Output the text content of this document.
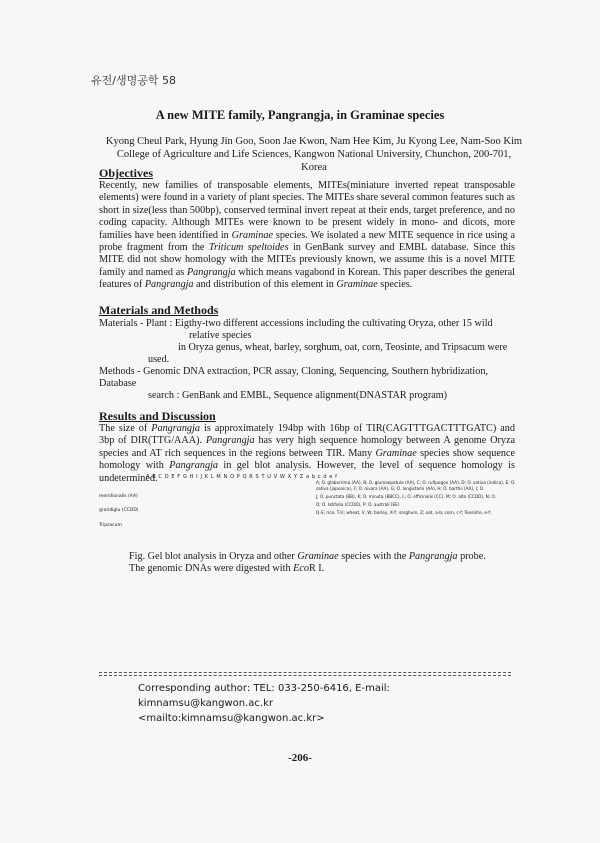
유전/생명공학 58
A new MITE family, Pangrangja, in Graminae species
Kyong Cheul Park, Hyung Jin Goo, Soon Jae Kwon, Nam Hee Kim, Ju Kyong Lee, Nam-Soo Kim
College of Agriculture and Life Sciences, Kangwon National University, Chunchon, 200-701, Korea
Objectives
Recently, new families of transposable elements, MITEs(miniature inverted repeat transposable elements) were found in a variety of plant species. The MITEs share several common features such as short in size(less than 500bp), conserved terminal invert repeat at their ends, target preference, and no coding capacity. Although MITEs were known to be present widely in mono- and dicots, more families have been identified in Graminae species. We isolated a new MITE sequence in rice using a probe fragment from the Triticum speltoides in GenBank survey and EMBL database. Since this MITE did not show homology with the MITEs previously known, we assume this is a novel MITE family and named as Pangrangja which means vagabond in Korean. This paper describes the general features of Pangrangja and distribution of this element in Graminae species.
Materials and Methods
Materials - Plant : Eigthy-two different accessions including the cultivating Oryza, other 15 wild
relative species
in Oryza genus, wheat, barley, sorghum, oat, corn, Teosinte, and Tripsacum were
used.
Methods - Genomic DNA extraction, PCR assay, Cloning, Sequencing, Southern hybridization,
Database
search : GenBank and EMBL, Sequence alignment(DNASTAR program)
Results and Discussion
The size of Pangrangja is approximately 194bp with 16bp of TIR(CAGTTTGACTTTGATC) and 3bp of DIR(TTG/AAA). Pangrangja has very high sequence homology between A genome Oryza species and AT rich sequences in the regions between TIR. Many Graminae species show sequence homology with Pangrangja in gel blot analysis. However, the level of sequence homology is undetermined.
A B C D E F G H I J K L M N O P Q R S T U V W X Y Z a b c d e f
meridionalis (AA)
grandiglu (CCDD)
Tripsacum
A; O. glaberrima (AA), B; O. glumaepatula (AA), C; O. rufipogon (AA), D; O. sativa (indica), E; O. sativa (japonica), F; O. nivara (AA), G; O. longistami (AA), H; O. barthii (AA), I; O.
J; O. punctata (BB), K; O. minuta (BBCC), L; O. officinalis (CC), M; O. alta (CCDD), N; O.
O; O. latifolia (CCDD), P; O. australi (EE)
Q-S; rice, T-U; wheat, V, W; barley, X-Y; sorghum, Z; oat, a-b; corn, c-f; Teosinte, e-f;
Fig. Gel blot analysis in Oryza and other Graminae species with the Pangrangja probe.
The genomic DNAs were digested with EcoR I.
Corresponding author: TEL: 033-250-6416, E-mail: kimnamsu@kangwon.ac.kr
<mailto:kimnamsu@kangwon.ac.kr>
-206-
